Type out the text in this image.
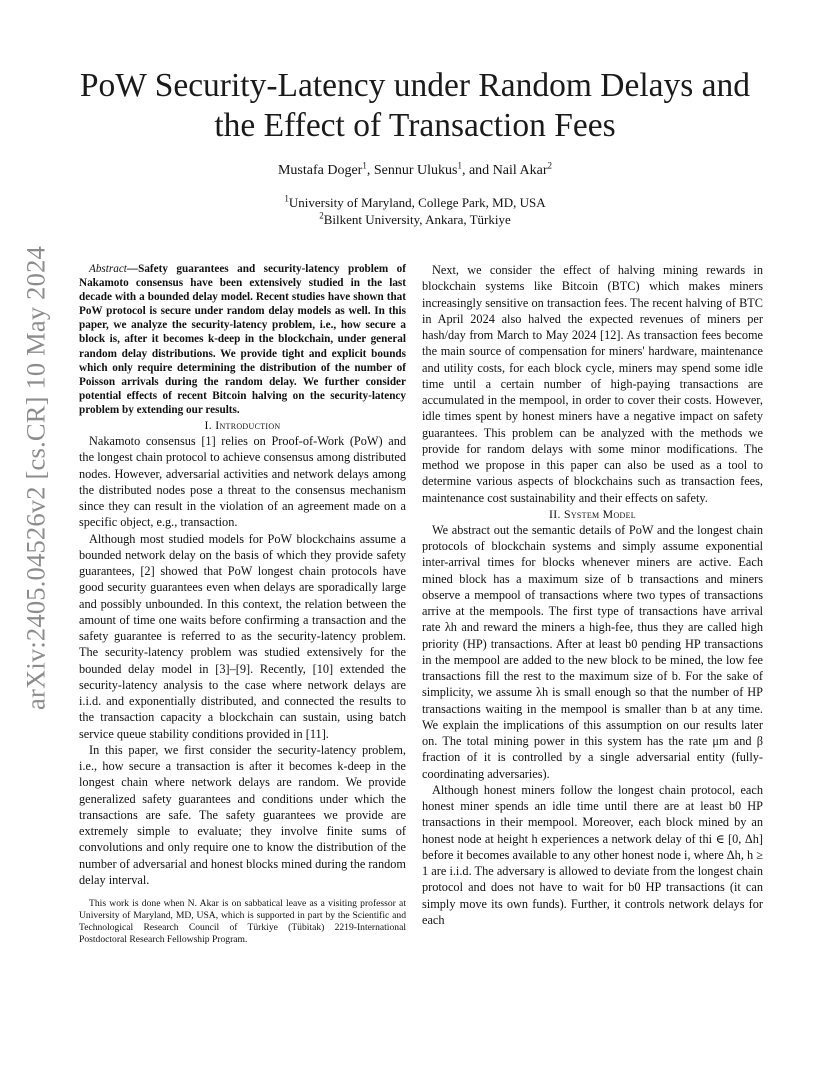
arXiv:2405.04526v2 [cs.CR] 10 May 2024
PoW Security-Latency under Random Delays and the Effect of Transaction Fees
Mustafa Doger$^1$, Sennur Ulukus$^1$, and Nail Akar$^2$
$^1$University of Maryland, College Park, MD, USA
$^2$Bilkent University, Ankara, Türkiye

Abstract—Safety guarantees and security-latency problem of Nakamoto consensus have been extensively studied in the last decade with a bounded delay model. Recent studies have shown that PoW protocol is secure under random delay models as well. In this paper, we analyze the security-latency problem, i.e., how secure a block is, after it becomes k-deep in the blockchain, under general random delay distributions. We provide tight and explicit bounds which only require determining the distribution of the number of Poisson arrivals during the random delay. We further consider potential effects of recent Bitcoin halving on the security-latency problem by extending our results.

I. Introduction

Nakamoto consensus [1] relies on Proof-of-Work (PoW) and the longest chain protocol to achieve consensus among distributed nodes. However, adversarial activities and network delays among the distributed nodes pose a threat to the consensus mechanism since they can result in the violation of an agreement made on a specific object, e.g., transaction.

Although most studied models for PoW blockchains assume a bounded network delay on the basis of which they provide safety guarantees, [2] showed that PoW longest chain protocols have good security guarantees even when delays are sporadically large and possibly unbounded. In this context, the relation between the amount of time one waits before confirming a transaction and the safety guarantee is referred to as the security-latency problem. The security-latency problem was studied extensively for the bounded delay model in [3]–[9]. Recently, [10] extended the security-latency analysis to the case where network delays are i.i.d. and exponentially distributed, and connected the results to the transaction capacity a blockchain can sustain, using batch service queue stability conditions provided in [11].

In this paper, we first consider the security-latency problem, i.e., how secure a transaction is after it becomes k-deep in the longest chain where network delays are random. We provide generalized safety guarantees and conditions under which the transactions are safe. The safety guarantees we provide are extremely simple to evaluate; they involve finite sums of convolutions and only require one to know the distribution of the number of adversarial and honest blocks mined during the random delay interval.

This work is done when N. Akar is on sabbatical leave as a visiting professor at University of Maryland, MD, USA, which is supported in part by the Scientific and Technological Research Council of Türkiye (Tübitak) 2219-International Postdoctoral Research Fellowship Program.

Next, we consider the effect of halving mining rewards in blockchain systems like Bitcoin (BTC) which makes miners increasingly sensitive on transaction fees. The recent halving of BTC in April 2024 also halved the expected revenues of miners per hash/day from March to May 2024 [12]. As transaction fees become the main source of compensation for miners' hardware, maintenance and utility costs, for each block cycle, miners may spend some idle time until a certain number of high-paying transactions are accumulated in the mempool, in order to cover their costs. However, idle times spent by honest miners have a negative impact on safety guarantees. This problem can be analyzed with the methods we provide for random delays with some minor modifications. The method we propose in this paper can also be used as a tool to determine various aspects of blockchains such as transaction fees, maintenance cost sustainability and their effects on safety.

II. System Model

We abstract out the semantic details of PoW and the longest chain protocols of blockchain systems and simply assume exponential inter-arrival times for blocks whenever miners are active. Each mined block has a maximum size of b transactions and miners observe a mempool of transactions where two types of transactions arrive at the mempools. The first type of transactions have arrival rate λh and reward the miners a high-fee, thus they are called high priority (HP) transactions. After at least b0 pending HP transactions in the mempool are added to the new block to be mined, the low fee transactions fill the rest to the maximum size of b. For the sake of simplicity, we assume λh is small enough so that the number of HP transactions waiting in the mempool is smaller than b at any time. We explain the implications of this assumption on our results later on. The total mining power in this system has the rate μm and β fraction of it is controlled by a single adversarial entity (fully-coordinating adversaries).

Although honest miners follow the longest chain protocol, each honest miner spends an idle time until there are at least b0 HP transactions in their mempool. Moreover, each block mined by an honest node at height h experiences a network delay of thi ∈ [0, Δh] before it becomes available to any other honest node i, where Δh, h ≥ 1 are i.i.d. The adversary is allowed to deviate from the longest chain protocol and does not have to wait for b0 HP transactions (it can simply move its own funds). Further, it controls network delays for each
